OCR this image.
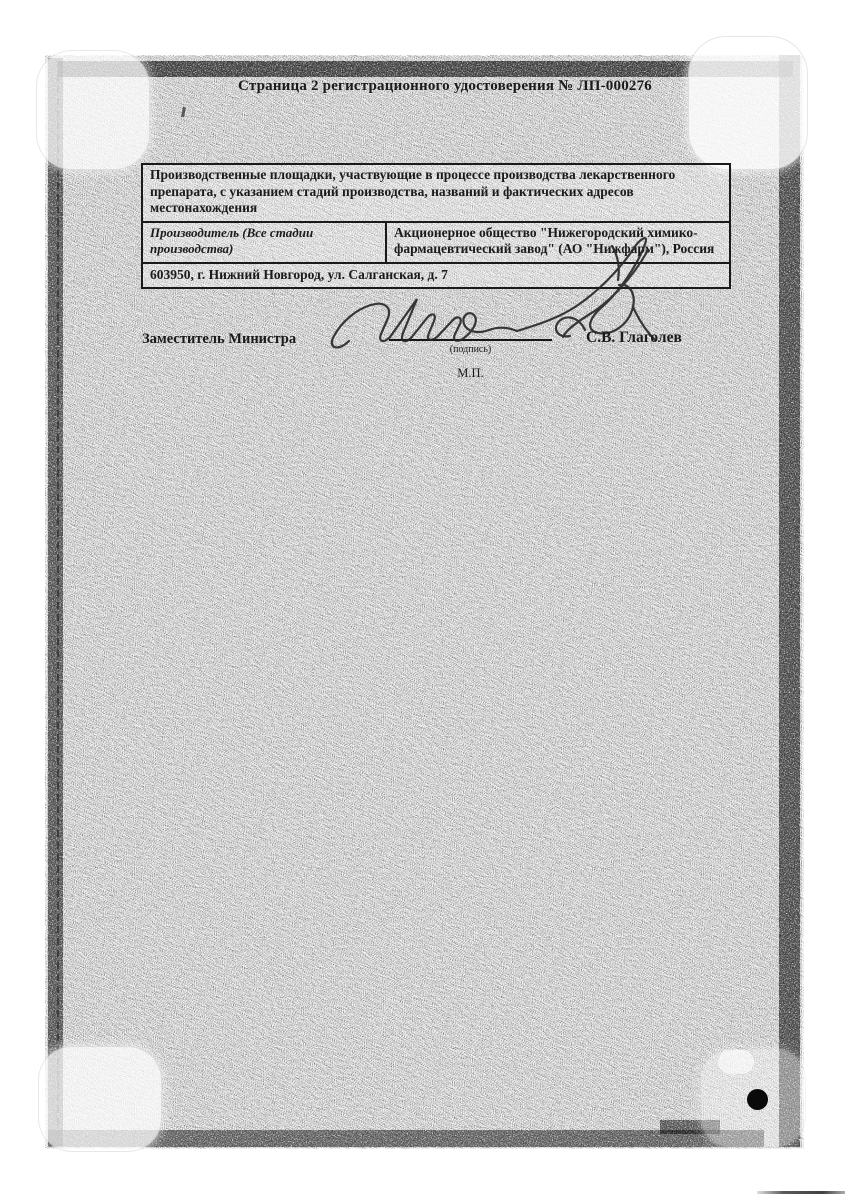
Страница 2 регистрационного удостоверения № ЛП-000276
Производственные площадки, участвующие в процессе производства лекарственного препарата, с указанием стадий производства, названий и фактических адресов местонахождения
Производитель (Все стадии производства)
Акционерное общество "Нижегородский химико-фармацевтический завод" (АО "Нижфарм"), Россия
603950, г. Нижний Новгород, ул. Салганская, д. 7
Заместитель Министра
(подпись)
М.П.
С.В. Глаголев
